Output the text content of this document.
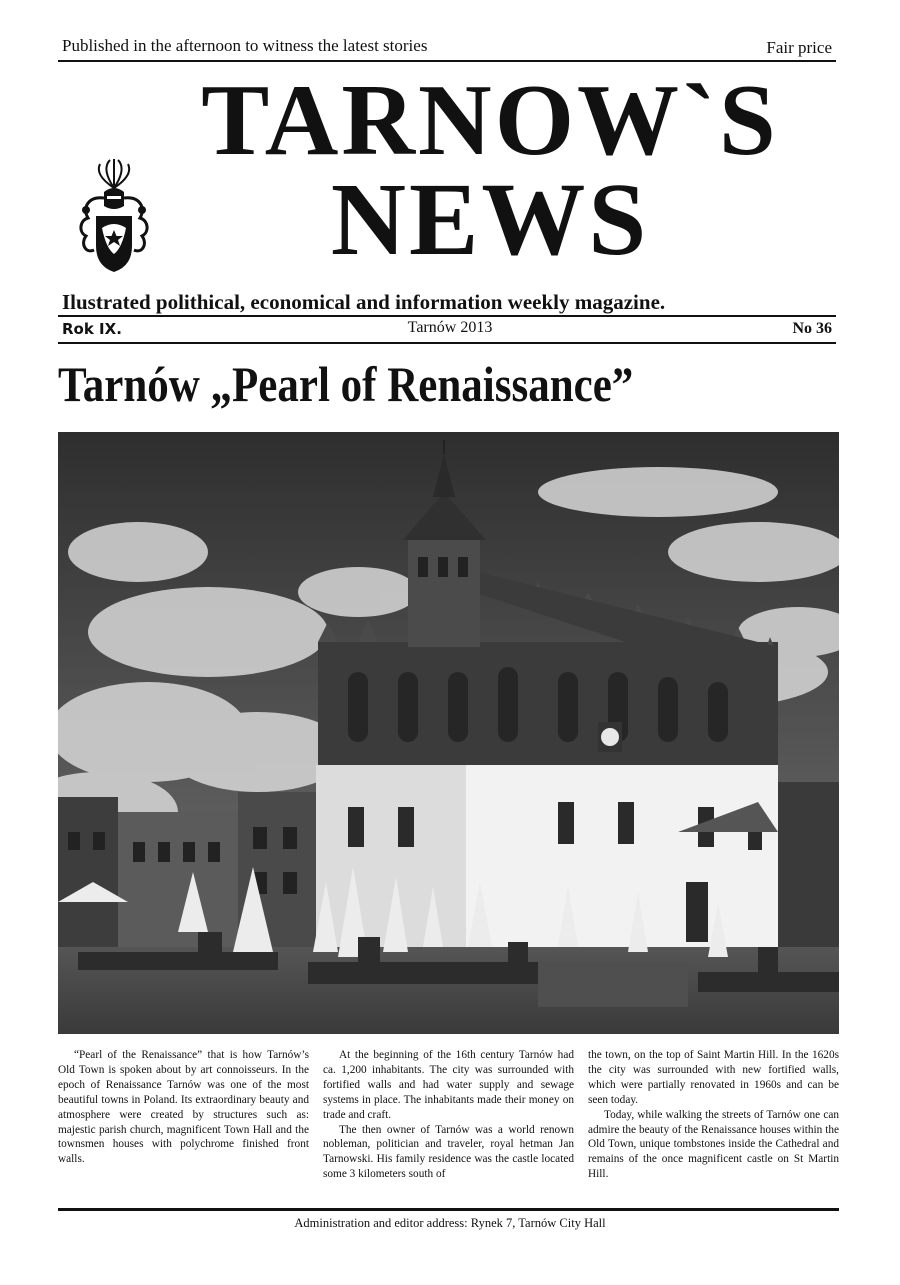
Published in the afternoon to witness the latest stories	Fair price
TARNOW`S
NEWS
Ilustrated polithical, economical and information weekly magazine.
Rok IX.	Tarnów 2013	No 36
Tarnów „Pearl of Renaissance”

“Pearl of the Renaissance” that is how Tarnów’s Old Town is spoken about by art connoisseurs. In the epoch of Renaissance Tarnów was one of the most beautiful towns in Poland. Its extraordinary beauty and atmosphere were created by structures such as: majestic parish church, magnificent Town Hall and the townsmen houses with polychrome finished front walls.

At the beginning of the 16th century Tarnów had ca. 1,200 inhabitants. The city was surrounded with fortified walls and had water supply and sewage systems in place. The inhabitants made their money on trade and craft.

The then owner of Tarnów was a world renown nobleman, politician and traveler, royal hetman Jan Tarnowski. His family residence was the castle located some 3 kilometers south of

the town, on the top of Saint Martin Hill. In the 1620s the city was surrounded with new fortified walls, which were partially renovated in 1960s and can be seen today.

Today, while walking the streets of Tarnów one can admire the beauty of the Renaissance houses within the Old Town, unique tombstones inside the Cathedral and remains of the once magnificent castle on St Martin Hill.

Administration and editor address: Rynek 7, Tarnów City Hall
